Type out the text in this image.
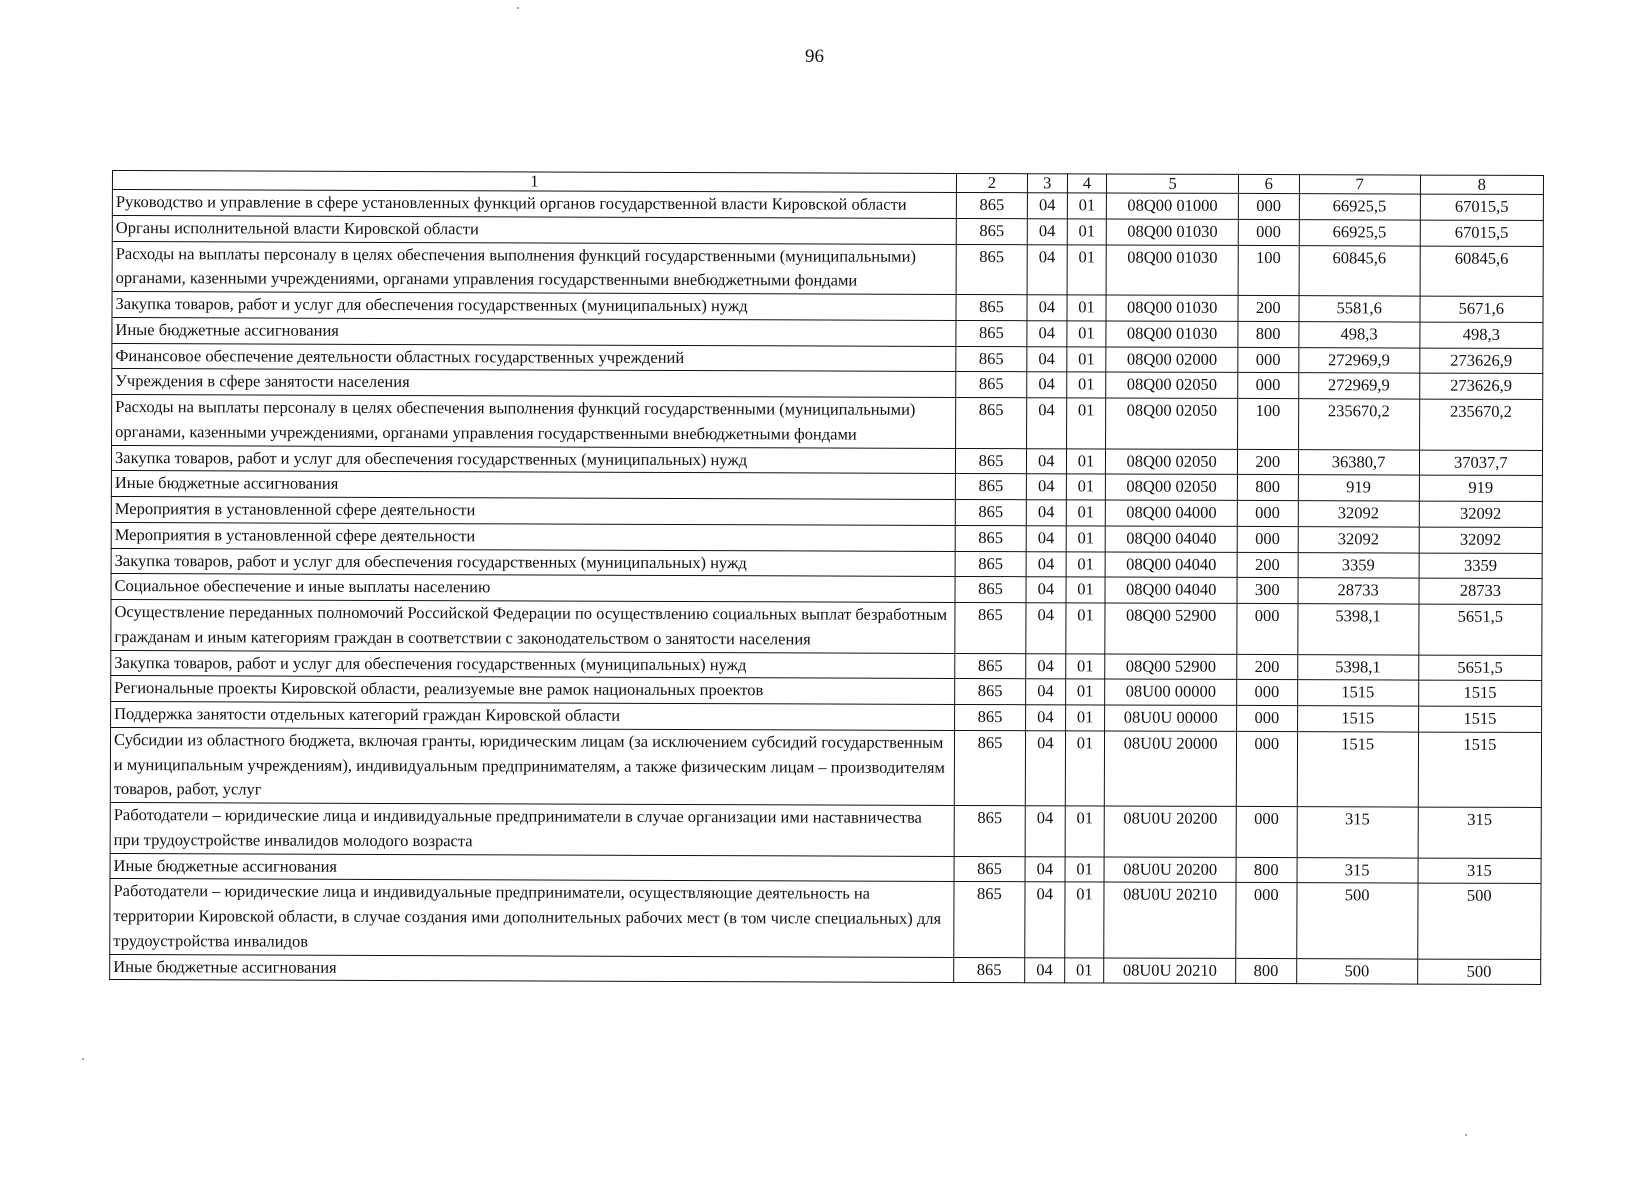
96
1	2	3	4	5	6	7	8
Руководство и управление в сфере установленных функций органов государственной власти Кировской области	865	04	01	08Q00 01000	000	66925,5	67015,5
Органы исполнительной власти Кировской области	865	04	01	08Q00 01030	000	66925,5	67015,5
Расходы на выплаты персоналу в целях обеспечения выполнения функций государственными (муниципальными) органами, казенными учреждениями, органами управления государственными внебюджетными фондами	865	04	01	08Q00 01030	100	60845,6	60845,6
Закупка товаров, работ и услуг для обеспечения государственных (муниципальных) нужд	865	04	01	08Q00 01030	200	5581,6	5671,6
Иные бюджетные ассигнования	865	04	01	08Q00 01030	800	498,3	498,3
Финансовое обеспечение деятельности областных государственных учреждений	865	04	01	08Q00 02000	000	272969,9	273626,9
Учреждения в сфере занятости населения	865	04	01	08Q00 02050	000	272969,9	273626,9
Расходы на выплаты персоналу в целях обеспечения выполнения функций государственными (муниципальными) органами, казенными учреждениями, органами управления государственными внебюджетными фондами	865	04	01	08Q00 02050	100	235670,2	235670,2
Закупка товаров, работ и услуг для обеспечения государственных (муниципальных) нужд	865	04	01	08Q00 02050	200	36380,7	37037,7
Иные бюджетные ассигнования	865	04	01	08Q00 02050	800	919	919
Мероприятия в установленной сфере деятельности	865	04	01	08Q00 04000	000	32092	32092
Мероприятия в установленной сфере деятельности	865	04	01	08Q00 04040	000	32092	32092
Закупка товаров, работ и услуг для обеспечения государственных (муниципальных) нужд	865	04	01	08Q00 04040	200	3359	3359
Социальное обеспечение и иные выплаты населению	865	04	01	08Q00 04040	300	28733	28733
Осуществление переданных полномочий Российской Федерации по осуществлению социальных выплат безработным гражданам и иным категориям граждан в соответствии с законодательством о занятости населения	865	04	01	08Q00 52900	000	5398,1	5651,5
Закупка товаров, работ и услуг для обеспечения государственных (муниципальных) нужд	865	04	01	08Q00 52900	200	5398,1	5651,5
Региональные проекты Кировской области, реализуемые вне рамок национальных проектов	865	04	01	08U00 00000	000	1515	1515
Поддержка занятости отдельных категорий граждан Кировской области	865	04	01	08U0U 00000	000	1515	1515
Субсидии из областного бюджета, включая гранты, юридическим лицам (за исключением субсидий государственным и муниципальным учреждениям), индивидуальным предпринимателям, а также физическим лицам – производителям товаров, работ, услуг	865	04	01	08U0U 20000	000	1515	1515
Работодатели – юридические лица и индивидуальные предприниматели в случае организации ими наставничества при трудоустройстве инвалидов молодого возраста	865	04	01	08U0U 20200	000	315	315
Иные бюджетные ассигнования	865	04	01	08U0U 20200	800	315	315
Работодатели – юридические лица и индивидуальные предприниматели, осуществляющие деятельность на территории Кировской области, в случае создания ими дополнительных рабочих мест (в том числе специальных) для трудоустройства инвалидов	865	04	01	08U0U 20210	000	500	500
Иные бюджетные ассигнования	865	04	01	08U0U 20210	800	500	500
